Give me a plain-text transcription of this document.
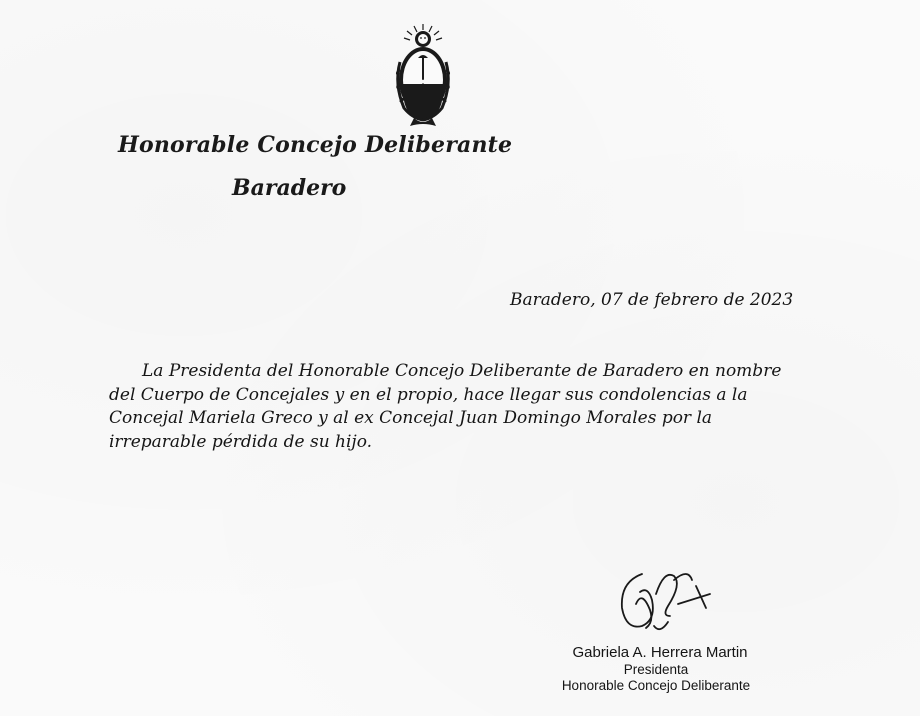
Honorable Concejo Deliberante
Baradero
Baradero, 07 de febrero de 2023

La Presidenta del Honorable Concejo Deliberante de Baradero en nombre del Cuerpo de Concejales y en el propio, hace llegar sus condolencias a la Concejal Mariela Greco y al ex Concejal Juan Domingo Morales por la irreparable pérdida de su hijo.

Gabriela A. Herrera Martin
Presidenta
Honorable Concejo Deliberante
